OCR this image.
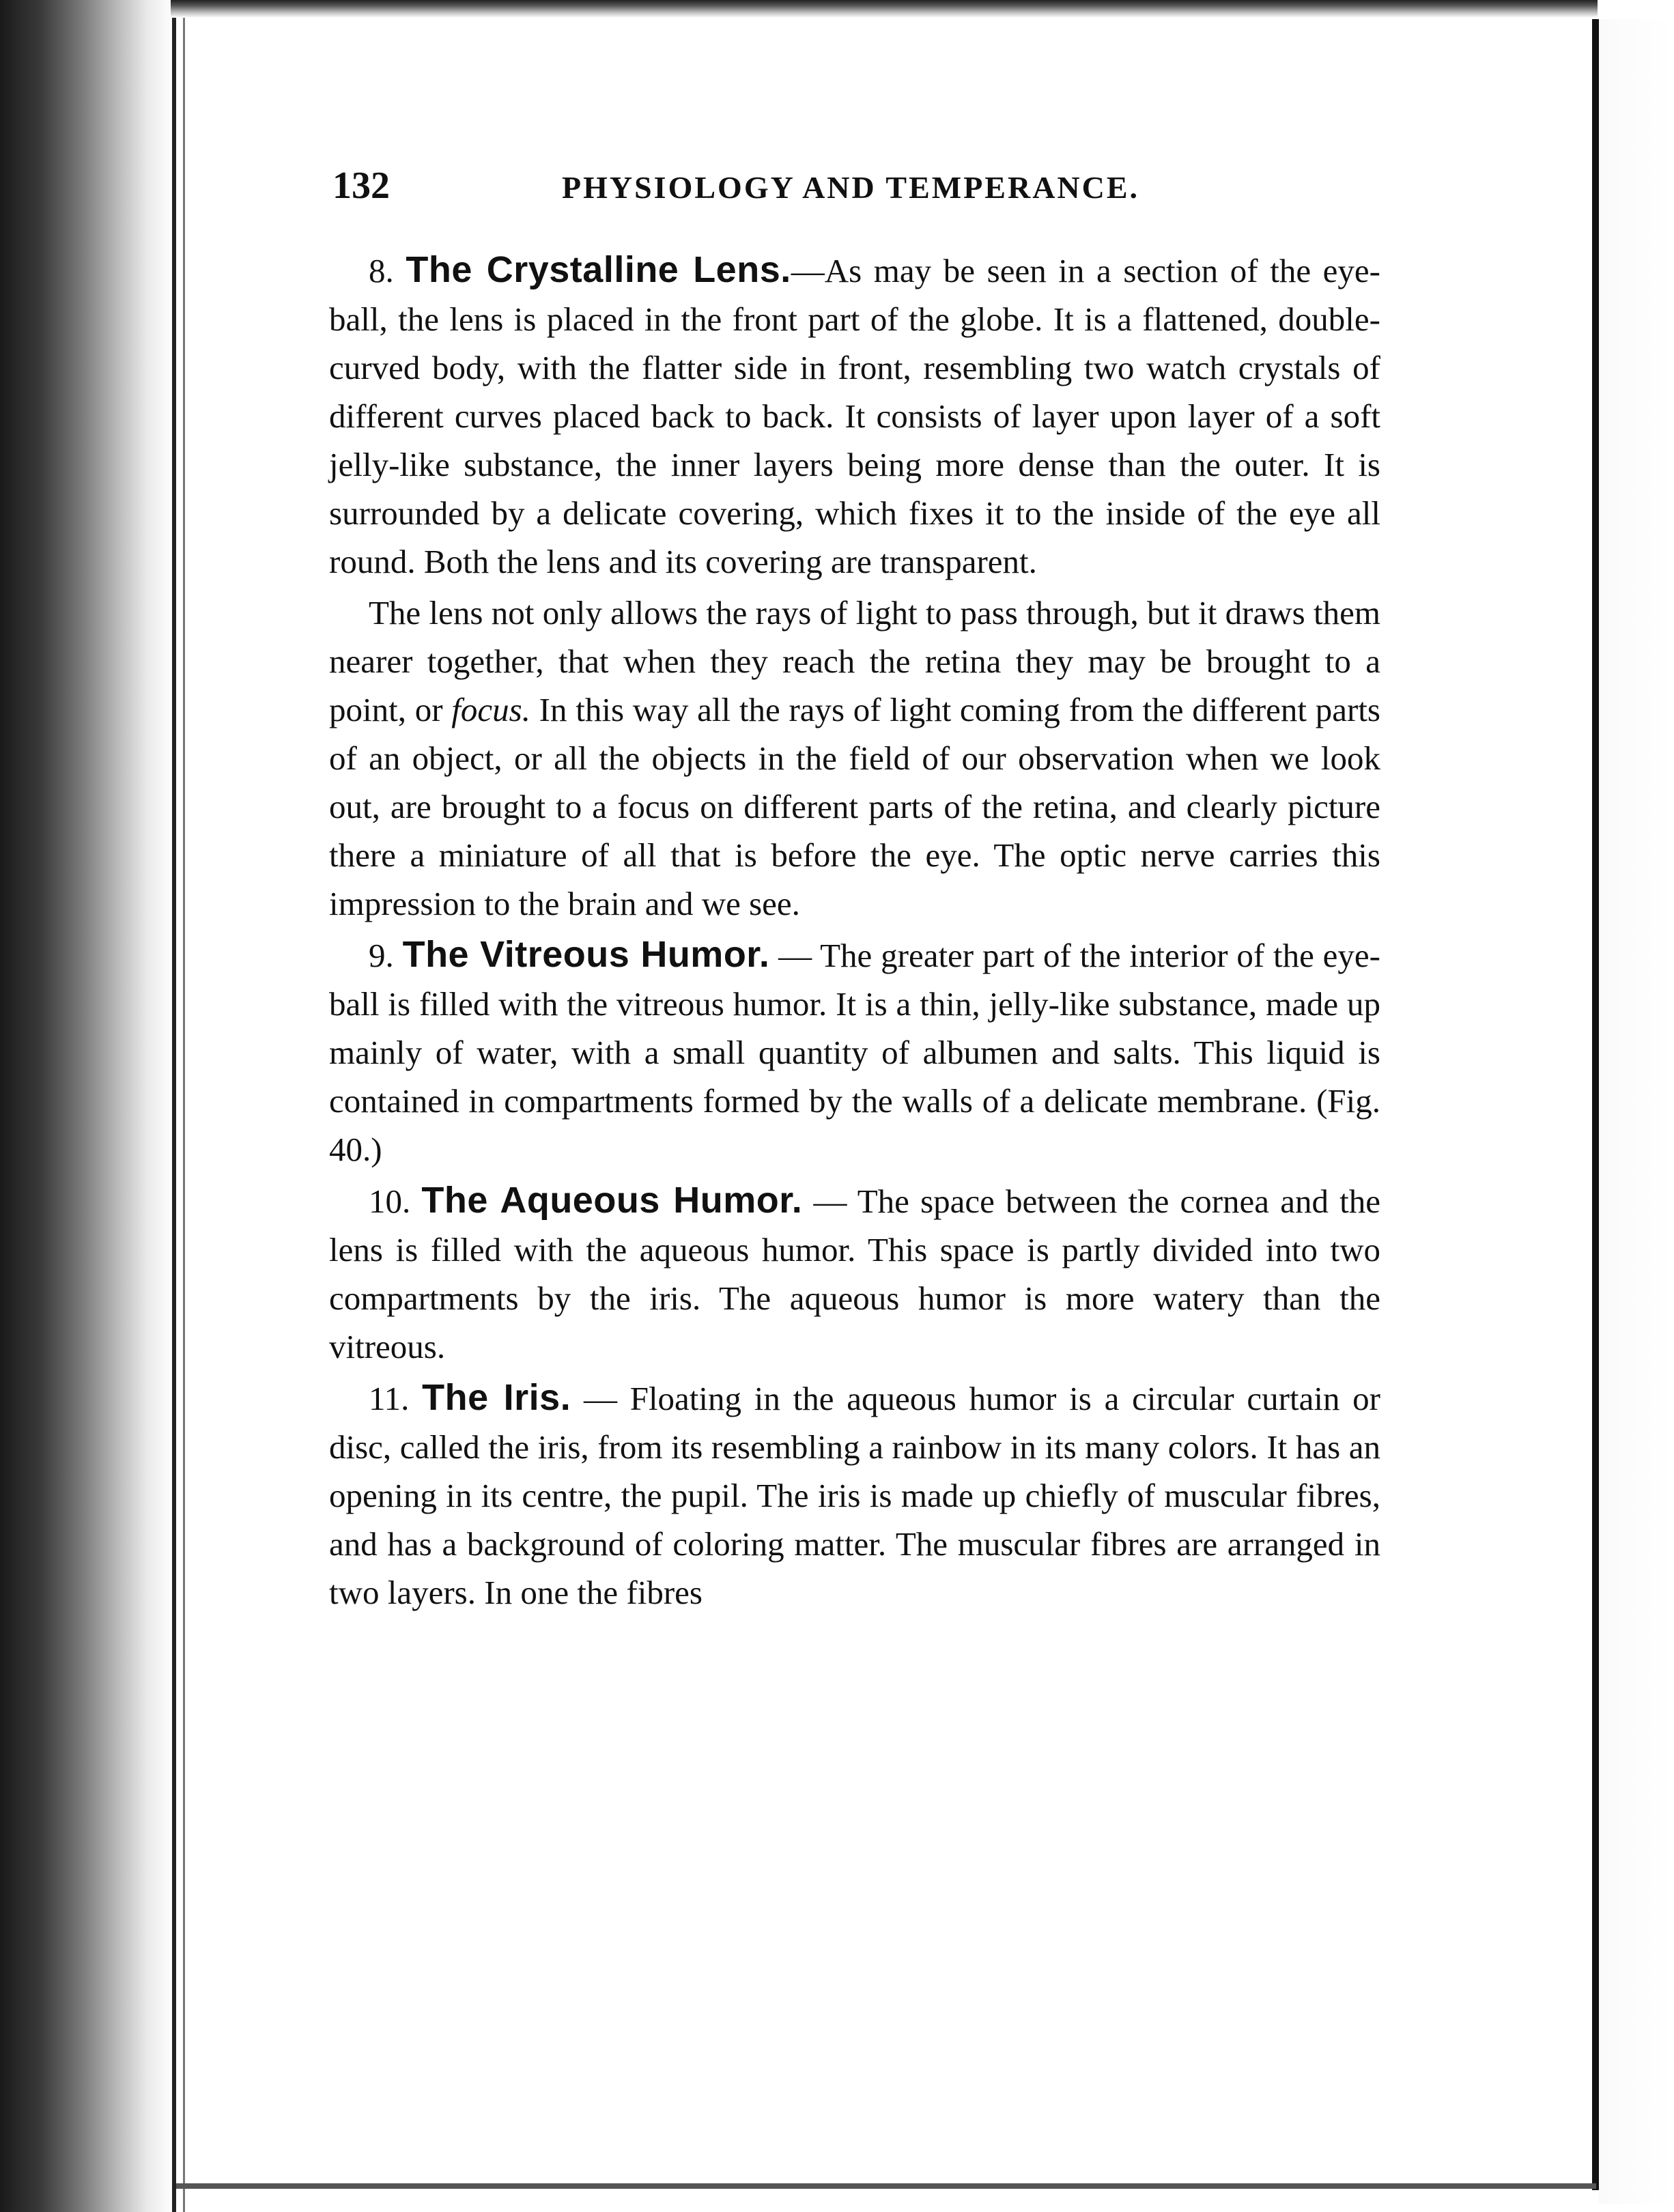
132	PHYSIOLOGY AND TEMPERANCE.

8. The Crystalline Lens.—As may be seen in a section of the eye-ball, the lens is placed in the front part of the globe. It is a flattened, double-curved body, with the flatter side in front, resembling two watch crystals of different curves placed back to back. It consists of layer upon layer of a soft jelly-like substance, the inner layers being more dense than the outer. It is surrounded by a delicate covering, which fixes it to the inside of the eye all round. Both the lens and its covering are transparent.

The lens not only allows the rays of light to pass through, but it draws them nearer together, that when they reach the retina they may be brought to a point, or focus. In this way all the rays of light coming from the different parts of an object, or all the objects in the field of our observation when we look out, are brought to a focus on different parts of the retina, and clearly picture there a miniature of all that is before the eye. The optic nerve carries this impression to the brain and we see.

9. The Vitreous Humor. — The greater part of the interior of the eye-ball is filled with the vitreous humor. It is a thin, jelly-like substance, made up mainly of water, with a small quantity of albumen and salts. This liquid is contained in compartments formed by the walls of a delicate membrane. (Fig. 40.)

10. The Aqueous Humor. — The space between the cornea and the lens is filled with the aqueous humor. This space is partly divided into two compartments by the iris. The aqueous humor is more watery than the vitreous.

11. The Iris. — Floating in the aqueous humor is a circular curtain or disc, called the iris, from its resembling a rainbow in its many colors. It has an opening in its centre, the pupil. The iris is made up chiefly of muscular fibres, and has a background of coloring matter. The muscular fibres are arranged in two layers. In one the fibres
